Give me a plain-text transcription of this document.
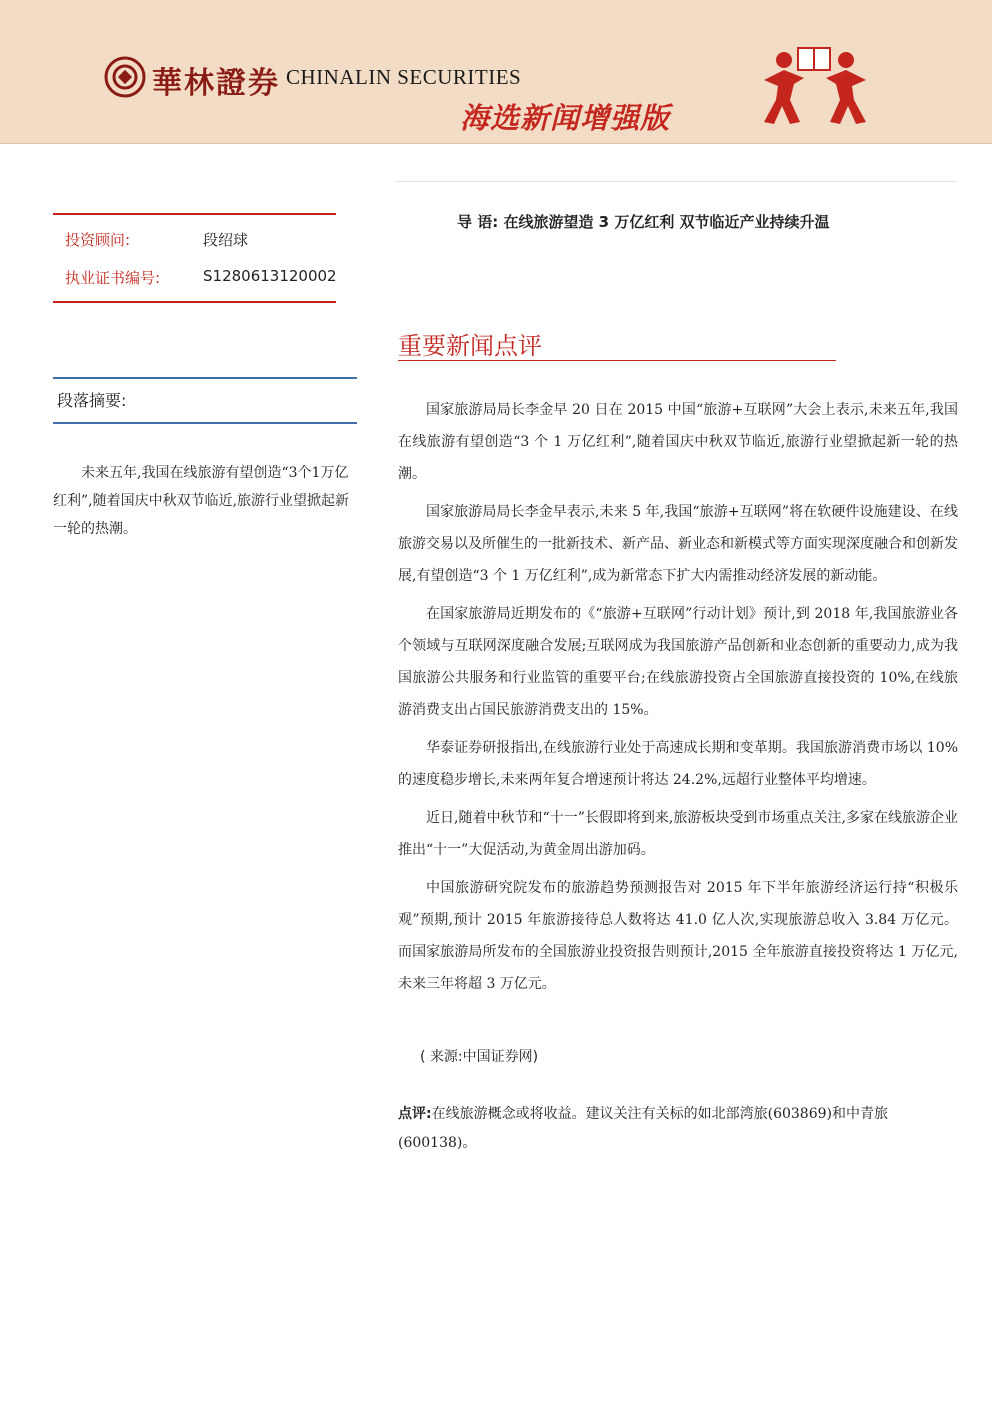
華林證券 CHINALIN SECURITIES
海选新闻增强版
投资顾问:	段绍球
执业证书编号:	S1280613120002
段落摘要:
未来五年,我国在线旅游有望创造“3个1万亿红利”,随着国庆中秋双节临近,旅游行业望掀起新一轮的热潮。
导 语: 在线旅游望造 3 万亿红利 双节临近产业持续升温
重要新闻点评

国家旅游局局长李金早 20 日在 2015 中国“旅游+互联网”大会上表示,未来五年,我国在线旅游有望创造“3 个 1 万亿红利”,随着国庆中秋双节临近,旅游行业望掀起新一轮的热潮。

国家旅游局局长李金早表示,未来 5 年,我国“旅游+互联网”将在软硬件设施建设、在线旅游交易以及所催生的一批新技术、新产品、新业态和新模式等方面实现深度融合和创新发展,有望创造“3 个 1 万亿红利”,成为新常态下扩大内需推动经济发展的新动能。

在国家旅游局近期发布的《“旅游+互联网”行动计划》预计,到 2018 年,我国旅游业各个领域与互联网深度融合发展;互联网成为我国旅游产品创新和业态创新的重要动力,成为我国旅游公共服务和行业监管的重要平台;在线旅游投资占全国旅游直接投资的 10%,在线旅游消费支出占国民旅游消费支出的 15%。

华泰证券研报指出,在线旅游行业处于高速成长期和变革期。我国旅游消费市场以 10%的速度稳步增长,未来两年复合增速预计将达 24.2%,远超行业整体平均增速。

近日,随着中秋节和“十一”长假即将到来,旅游板块受到市场重点关注,多家在线旅游企业推出“十一”大促活动,为黄金周出游加码。

中国旅游研究院发布的旅游趋势预测报告对 2015 年下半年旅游经济运行持“积极乐观”预期,预计 2015 年旅游接待总人数将达 41.0 亿人次,实现旅游总收入 3.84 万亿元。而国家旅游局所发布的全国旅游业投资报告则预计,2015 全年旅游直接投资将达 1 万亿元,未来三年将超 3 万亿元。

( 来源:中国证券网)
点评:在线旅游概念或将收益。建议关注有关标的如北部湾旅(603869)和中青旅(600138)。
